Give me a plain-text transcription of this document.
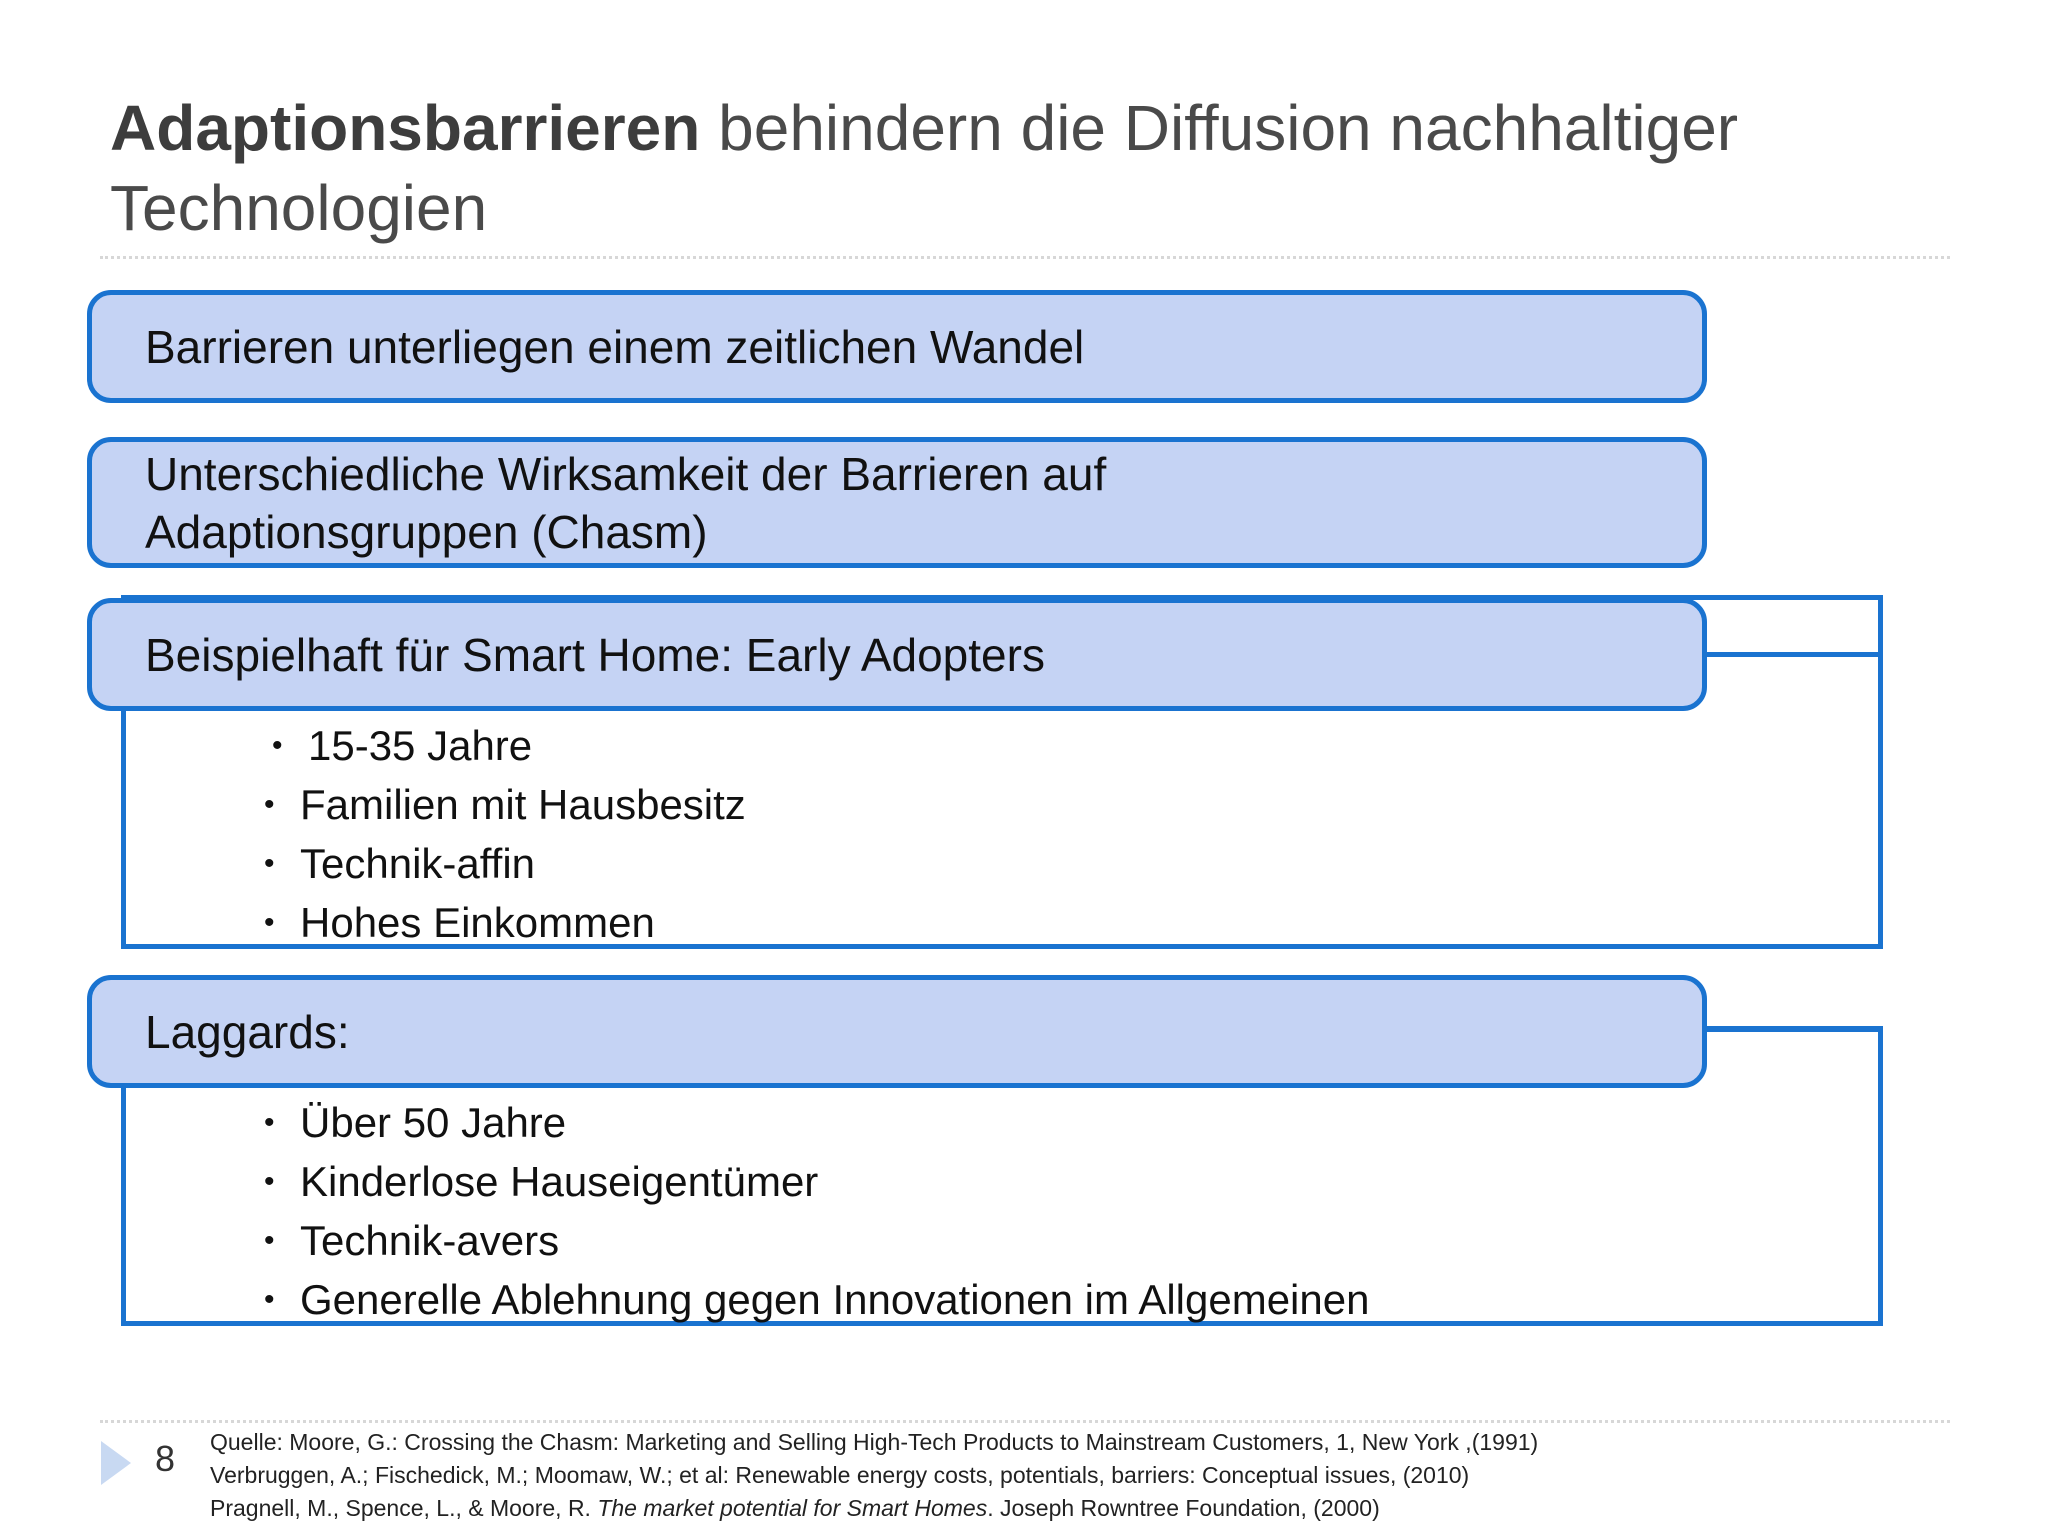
Adaptionsbarrieren behindern die Diffusion nachhaltiger Technologien
Barrieren unterliegen einem zeitlichen Wandel
Unterschiedliche Wirksamkeit der Barrieren auf Adaptionsgruppen (Chasm)
Beispielhaft für Smart Home: Early Adopters
• 15-35 Jahre
• Familien mit Hausbesitz
• Technik-affin
• Hohes Einkommen
Laggards:
• Über 50 Jahre
• Kinderlose Hauseigentümer
• Technik-avers
• Generelle Ablehnung gegen Innovationen im Allgemeinen
8 Quelle: Moore, G.: Crossing the Chasm: Marketing and Selling High-Tech Products to Mainstream Customers, 1, New York ,(1991)
Verbruggen, A.; Fischedick, M.; Moomaw, W.; et al: Renewable energy costs, potentials, barriers: Conceptual issues, (2010)
Pragnell, M., Spence, L., & Moore, R. The market potential for Smart Homes. Joseph Rowntree Foundation, (2000)
